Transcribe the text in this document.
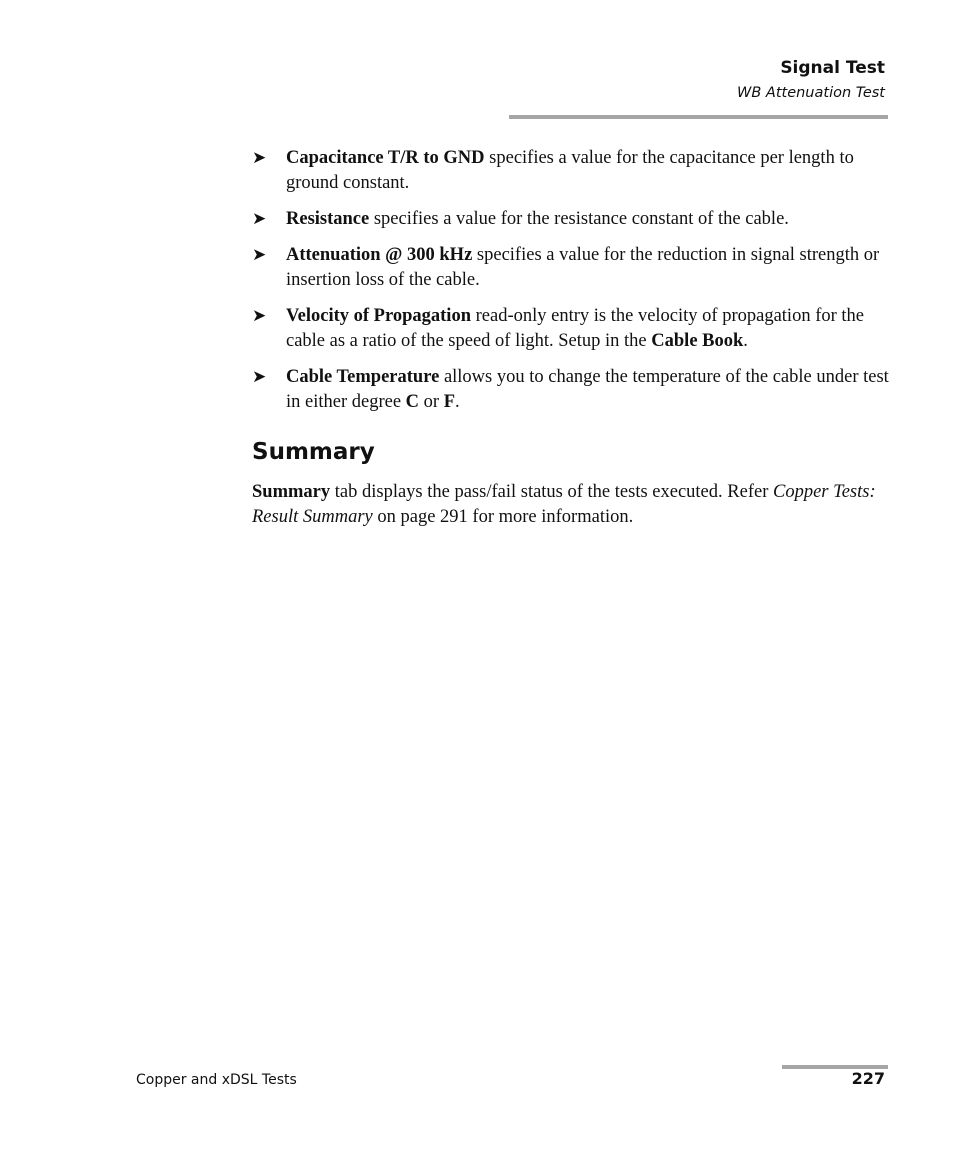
Signal Test
WB Attenuation Test
➤ Capacitance T/R to GND specifies a value for the capacitance per length to ground constant.
➤ Resistance specifies a value for the resistance constant of the cable.
➤ Attenuation @ 300 kHz specifies a value for the reduction in signal strength or insertion loss of the cable.
➤ Velocity of Propagation read-only entry is the velocity of propagation for the cable as a ratio of the speed of light. Setup in the Cable Book.
➤ Cable Temperature allows you to change the temperature of the cable under test in either degree C or F.
Summary

Summary tab displays the pass/fail status of the tests executed. Refer Copper Tests: Result Summary on page 291 for more information.

Copper and xDSL Tests	227
